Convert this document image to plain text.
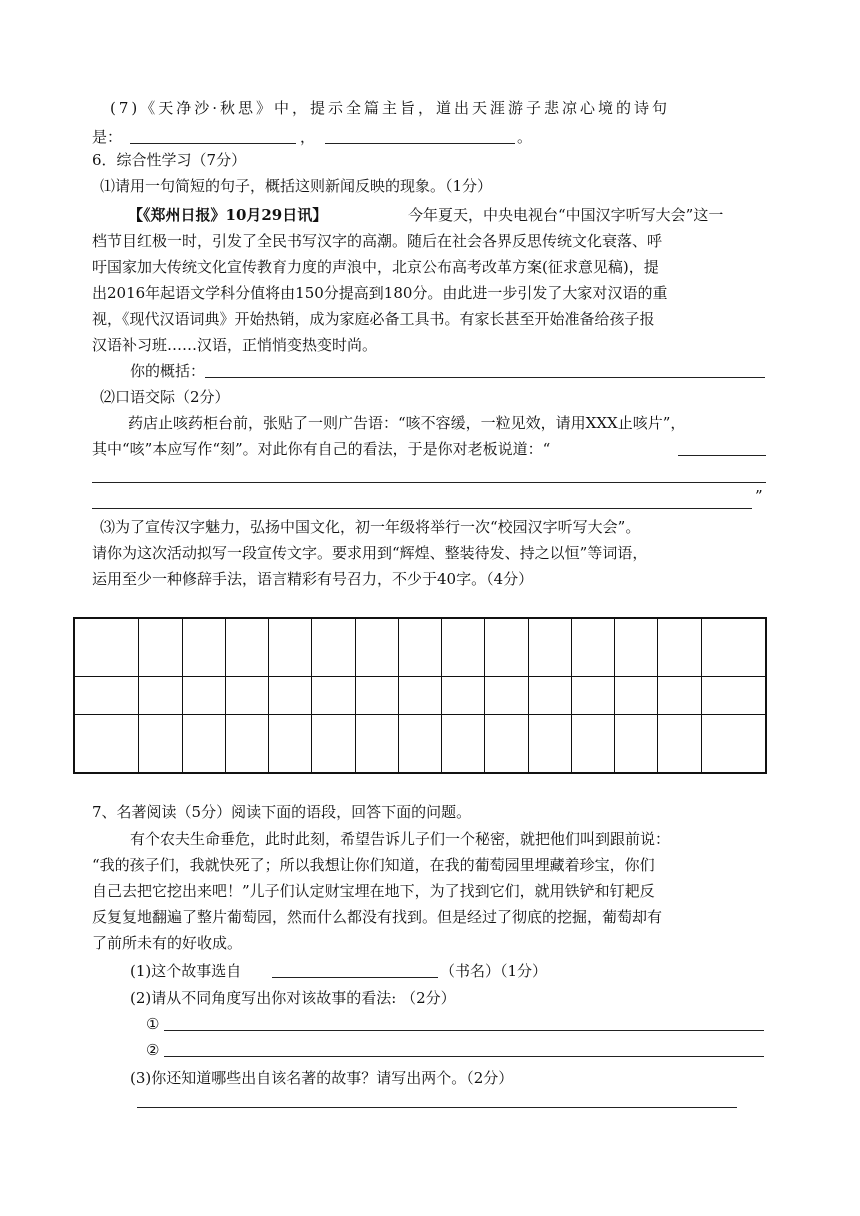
(7)《天净沙·秋思》中，提示全篇主旨，道出天涯游子悲凉心境的诗句
是：	，	。
6．综合性学习（7分）
⑴请用一句简短的句子，概括这则新闻反映的现象。（1分）
【《郑州日报》10月29日讯】	今年夏天，中央电视台“中国汉字听写大会”这一
档节目红极一时，引发了全民书写汉字的高潮。随后在社会各界反思传统文化衰落、呼
吁国家加大传统文化宣传教育力度的声浪中，北京公布高考改革方案(征求意见稿)，提
出2016年起语文学科分值将由150分提高到180分。由此进一步引发了大家对汉语的重
视，《现代汉语词典》开始热销，成为家庭必备工具书。有家长甚至开始准备给孩子报
汉语补习班……汉语，正悄悄变热变时尚。
你的概括：
⑵口语交际（2分）
药店止咳药柜台前，张贴了一则广告语：“咳不容缓，一粒见效，请用XXX止咳片”，
其中“咳”本应写作“刻”。对此你有自己的看法，于是你对老板说道：“
”
⑶为了宣传汉字魅力，弘扬中国文化，初一年级将举行一次“校园汉字听写大会”。
请你为这次活动拟写一段宣传文字。要求用到“辉煌、整装待发、持之以恒”等词语，
运用至少一种修辞手法，语言精彩有号召力，不少于40字。（4分）

7、名著阅读（5分）阅读下面的语段，回答下面的问题。
有个农夫生命垂危，此时此刻，希望告诉儿子们一个秘密，就把他们叫到跟前说：
“我的孩子们，我就快死了；所以我想让你们知道，在我的葡萄园里埋藏着珍宝，你们
自己去把它挖出来吧！”儿子们认定财宝埋在地下，为了找到它们，就用铁铲和钉耙反
反复复地翻遍了整片葡萄园，然而什么都没有找到。但是经过了彻底的挖掘，葡萄却有
了前所未有的好收成。
(1)这个故事选自	（书名）（1分）
(2)请从不同角度写出你对该故事的看法: （2分）
①
②
(3)你还知道哪些出自该名著的故事？请写出两个。（2分）
